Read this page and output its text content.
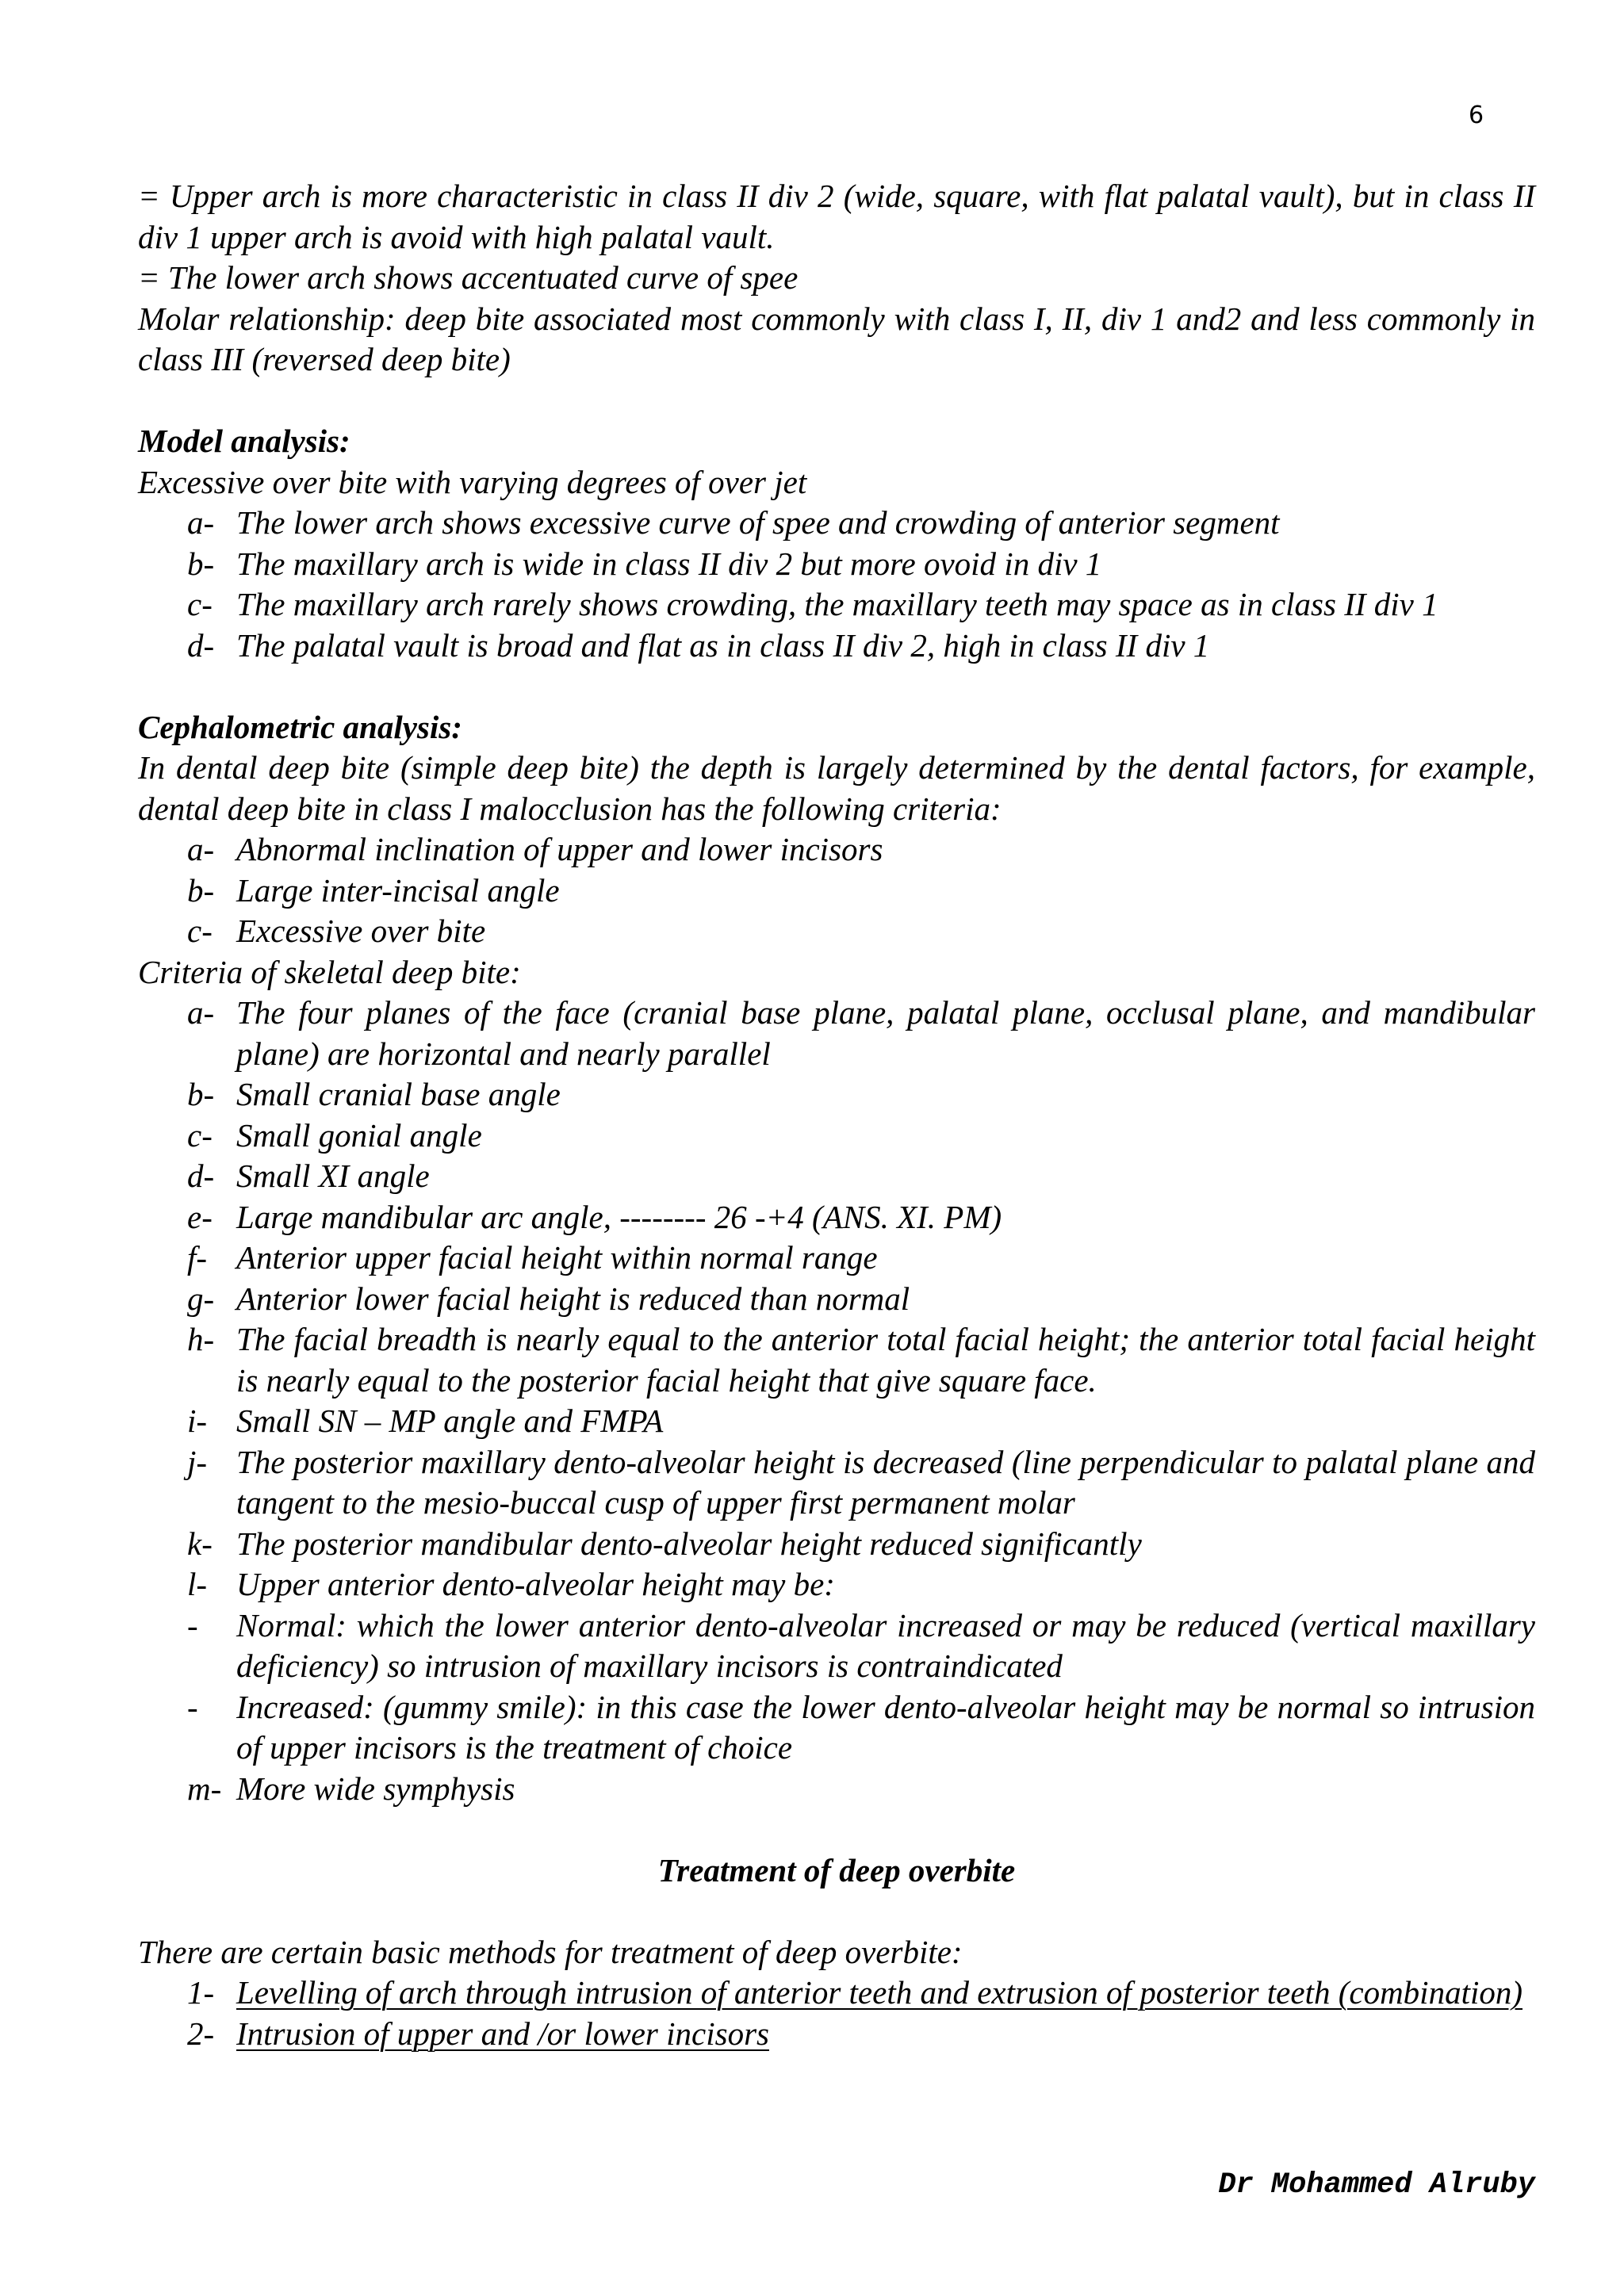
6

= Upper arch is more characteristic in class II div 2 (wide, square, with flat palatal vault), but in class II div 1 upper arch is avoid with high palatal vault.

= The lower arch shows accentuated curve of spee

Molar relationship: deep bite associated most commonly with class I, II, div 1 and2 and less commonly in class III (reversed deep bite)

Model analysis:

Excessive over bite with varying degrees of over jet

a- The lower arch shows excessive curve of spee and crowding of anterior segment
b- The maxillary arch is wide in class II div 2 but more ovoid in div 1
c- The maxillary arch rarely shows crowding, the maxillary teeth may space as in class II div 1
d- The palatal vault is broad and flat as in class II div 2, high in class II div 1

Cephalometric analysis:

In dental deep bite (simple deep bite) the depth is largely determined by the dental factors, for example, dental deep bite in class I malocclusion has the following criteria:

a- Abnormal inclination of upper and lower incisors
b- Large inter-incisal angle
c- Excessive over bite

Criteria of skeletal deep bite:

a- The four planes of the face (cranial base plane, palatal plane, occlusal plane, and mandibular plane) are horizontal and nearly parallel
b- Small cranial base angle
c- Small gonial angle
d- Small XI angle
e- Large mandibular arc angle, -------- 26 -+4 (ANS. XI. PM)
f- Anterior upper facial height within normal range
g- Anterior lower facial height is reduced than normal
h- The facial breadth is nearly equal to the anterior total facial height; the anterior total facial height is nearly equal to the posterior facial height that give square face.
i- Small SN – MP angle and FMPA
j- The posterior maxillary dento-alveolar height is decreased (line perpendicular to palatal plane and tangent to the mesio-buccal cusp of upper first permanent molar
k- The posterior mandibular dento-alveolar height reduced significantly
l- Upper anterior dento-alveolar height may be:
- Normal: which the lower anterior dento-alveolar increased or may be reduced (vertical maxillary deficiency) so intrusion of maxillary incisors is contraindicated
- Increased: (gummy smile): in this case the lower dento-alveolar height may be normal so intrusion of upper incisors is the treatment of choice
m- More wide symphysis

Treatment of deep overbite

There are certain basic methods for treatment of deep overbite:

1- Levelling of arch through intrusion of anterior teeth and extrusion of posterior teeth (combination)
2- Intrusion of upper and /or lower incisors
Dr Mohammed Alruby
